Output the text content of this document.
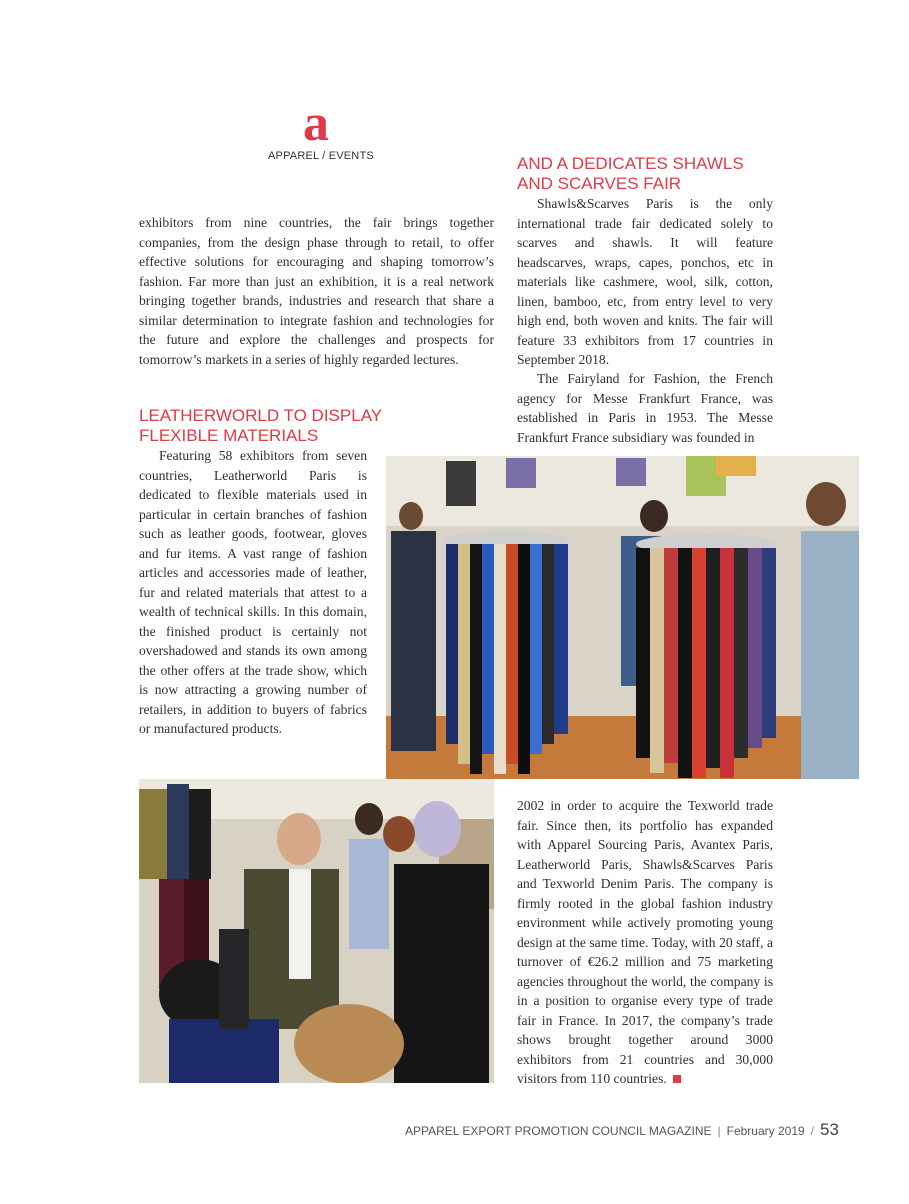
a
APPAREL / EVENTS

exhibitors from nine countries, the fair brings together companies, from the design phase through to retail, to offer effective solutions for encouraging and shaping tomorrow’s fashion. Far more than just an exhibition, it is a real network bringing together brands, industries and research that share a similar determination to integrate fashion and technologies for the future and explore the challenges and prospects for tomorrow’s markets in a series of highly regarded lectures.

LEATHERWORLD TO DISPLAY FLEXIBLE MATERIALS

Featuring 58 exhibitors from seven countries, Leatherworld Paris is dedicated to flexible materials used in particular in certain branches of fashion such as leather goods, footwear, gloves and fur items. A vast range of fashion articles and accessories made of leather, fur and related materials that attest to a wealth of technical skills. In this domain, the finished product is certainly not overshadowed and stands its own among the other offers at the trade show, which is now attracting a growing number of retailers, in addition to buyers of fabrics or manufactured products.

AND A DEDICATES SHAWLS AND SCARVES FAIR

Shawls&Scarves Paris is the only international trade fair dedicated solely to scarves and shawls. It will feature headscarves, wraps, capes, ponchos, etc in materials like cashmere, wool, silk, cotton, linen, bamboo, etc, from entry level to very high end, both woven and knits. The fair will feature 33 exhibitors from 17 countries in September 2018.

The Fairyland for Fashion, the French agency for Messe Frankfurt France, was established in Paris in 1953. The Messe Frankfurt France subsidiary was founded in

2002 in order to acquire the Texworld trade fair. Since then, its portfolio has expanded with Apparel Sourcing Paris, Avantex Paris, Leatherworld Paris, Shawls&Scarves Paris and Texworld Denim Paris. The company is firmly rooted in the global fashion industry environment while actively promoting young design at the same time. Today, with 20 staff, a turnover of €26.2 million and 75 marketing agencies throughout the world, the company is in a position to organise every type of trade fair in France. In 2017, the company’s trade shows brought together around 3000 exhibitors from 21 countries and 30,000 visitors from 110 countries.

APPAREL EXPORT PROMOTION COUNCIL MAGAZINE | February 2019 / 53
